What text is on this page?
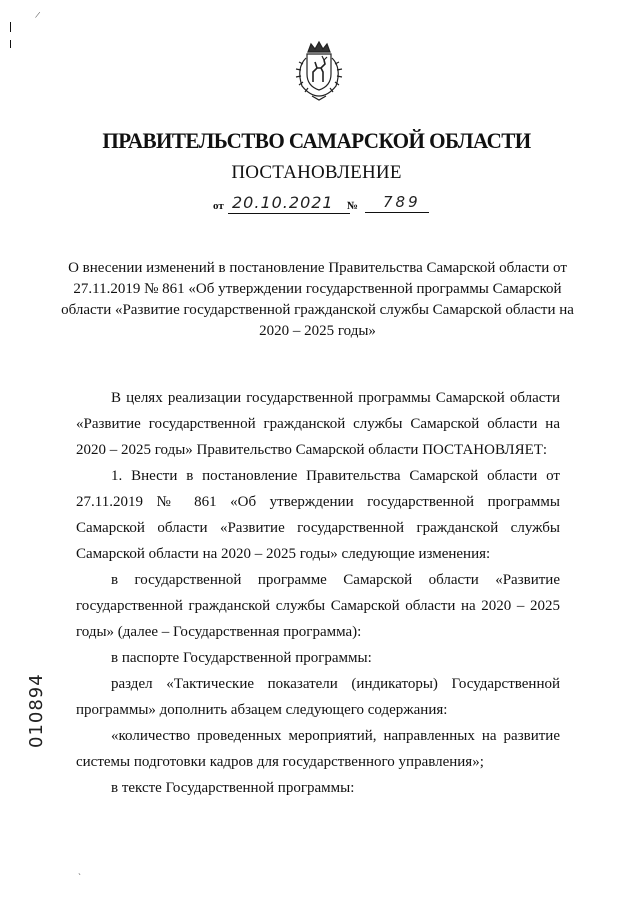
/
ПРАВИТЕЛЬСТВО САМАРСКОЙ ОБЛАСТИ
ПОСТАНОВЛЕНИЕ
от 20.10.2021	№	789
О внесении изменений в постановление Правительства Самарской области от 27.11.2019 № 861 «Об утверждении государственной программы Самарской области «Развитие государственной гражданской службы Самарской области на 2020 – 2025 годы»

В целях реализации государственной программы Самарской области «Развитие государственной гражданской службы Самарской области на 2020 – 2025 годы» Правительство Самарской области ПОСТАНОВЛЯЕТ:

1. Внести в постановление Правительства Самарской области от 27.11.2019 № 861 «Об утверждении государственной программы Самарской области «Развитие государственной гражданской службы Самарской области на 2020 – 2025 годы» следующие изменения:

в государственной программе Самарской области «Развитие государственной гражданской службы Самарской области на 2020 – 2025 годы» (далее – Государственная программа):

в паспорте Государственной программы:

раздел «Тактические показатели (индикаторы) Государственной программы» дополнить абзацем следующего содержания:

«количество проведенных мероприятий, направленных на развитие системы подготовки кадров для государственного управления»;

в тексте Государственной программы:

010894
`
